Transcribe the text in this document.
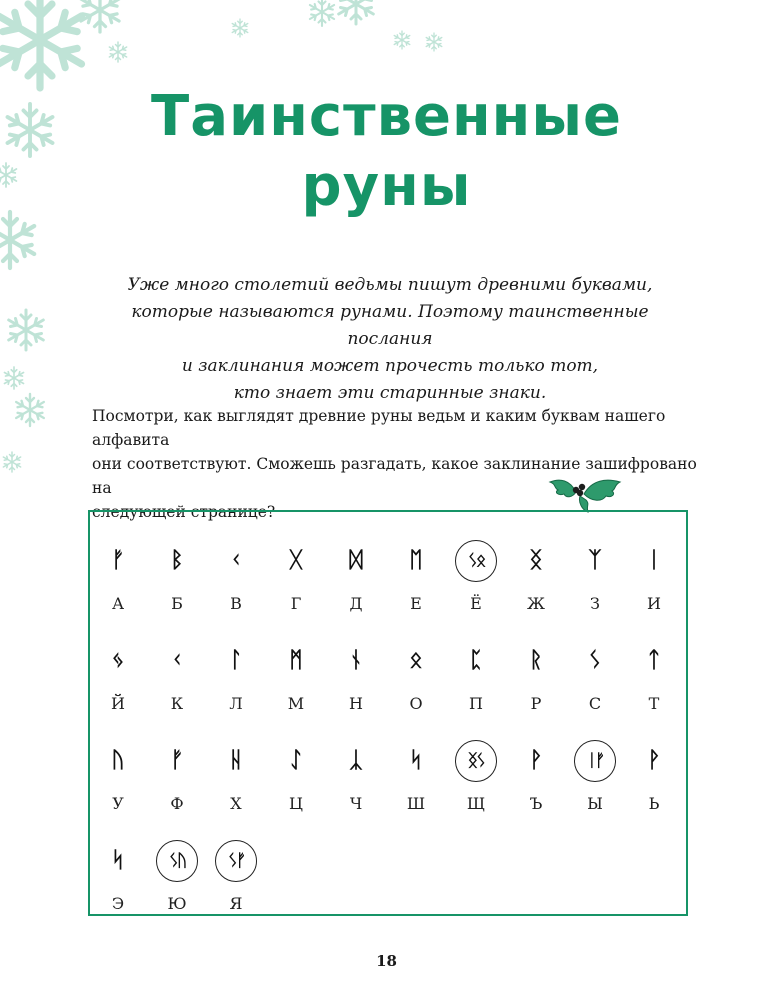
Таинственные
руны
Уже много столетий ведьмы пишут древними буквами,
которые называются рунами. Поэтому таинственные послания
и заклинания может прочесть только тот,
кто знает эти старинные знаки.
Посмотри, как выглядят древние руны ведьм и каким буквам нашего алфавита
они соответствуют. Сможешь разгадать, какое заклинание зашифровано на
следующей странице?
ᚠ
А
ᛒ
Б
ᚲ
В
ᚷ
Г
ᛞ
Д
ᛖ
Е
ᛊᛟ
Ё
ᛝ
Ж
ᛉ
З
ᛁ
И
ᛃ
Й
ᚲ
К
ᛚ
Л
ᛗ
М
ᚾ
Н
ᛟ
О
ᛈ
П
ᚱ
Р
ᛊ
С
ᛏ
Т
ᚢ
У
ᚠ
Ф
ᚺ
Х
ᛇ
Ц
ᛣ
Ч
ᛋ
Ш
ᛝᛊ
Щ
ᚹ
Ъ
ᛁᚠ
Ы
ᚹ
Ь
ᛋ
Э
ᛊᚢ
Ю
ᛊᚠ
Я
18
